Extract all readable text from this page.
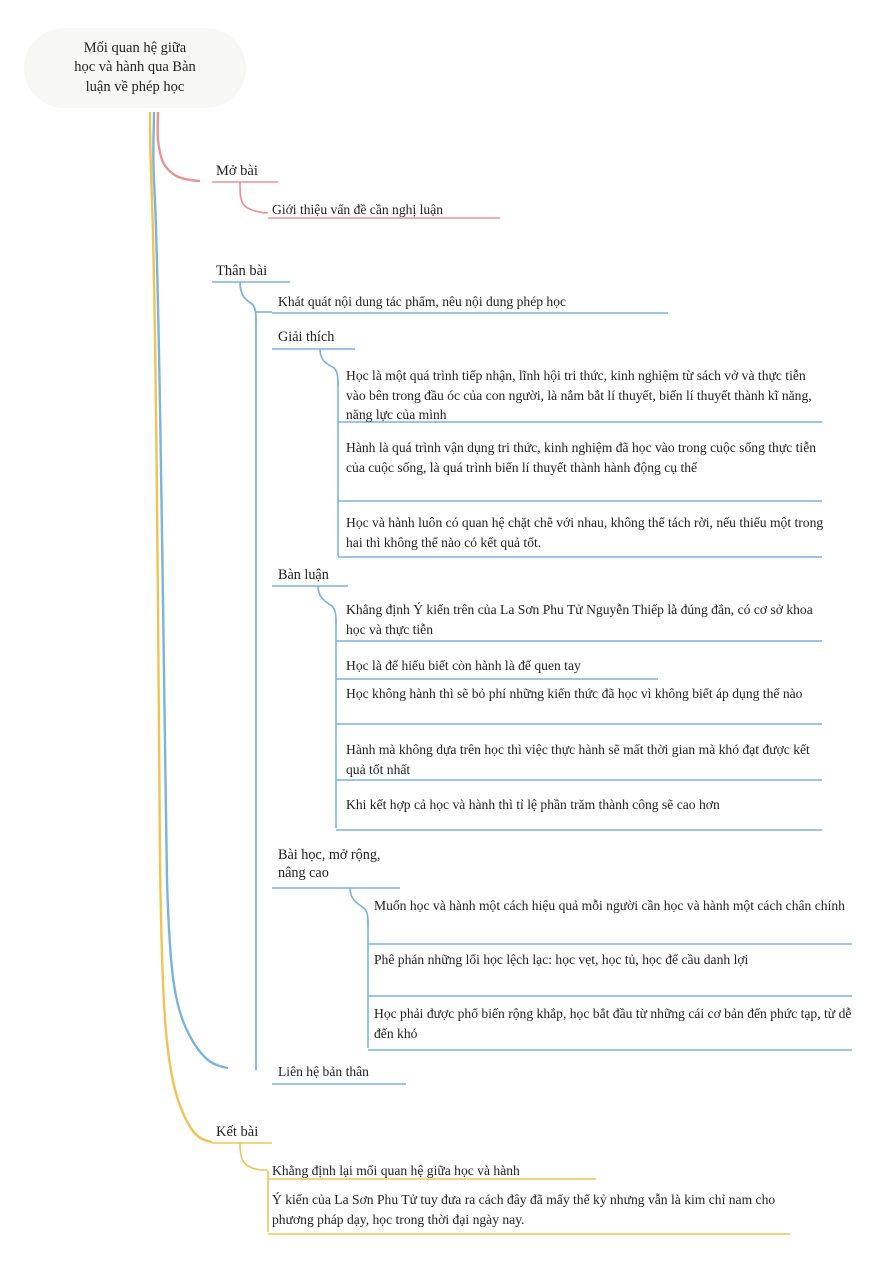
Mối quan hệ giữa
học và hành qua Bàn
luận về phép học
Mở bài
Giới thiệu vấn đề cần nghị luận
Thân bài
Khát quát nội dung tác phẩm, nêu nội dung phép học
Giải thích
Học là một quá trình tiếp nhận, lĩnh hội tri thức, kinh nghiệm từ sách vở và thực tiễn vào bên trong đầu óc của con người, là nắm bắt lí thuyết, biến lí thuyết thành kĩ năng, năng lực của mình
Hành là quá trình vận dụng tri thức, kinh nghiệm đã học vào trong cuộc sống thực tiễn của cuộc sống, là quá trình biến lí thuyết thành hành động cụ thể
Học và hành luôn có quan hệ chặt chẽ với nhau, không thể tách rời, nếu thiếu một trong hai thì không thể nào có kết quả tốt.
Bàn luận
Khẳng định Ý kiến trên của La Sơn Phu Tử Nguyễn Thiếp là đúng đắn, có cơ sở khoa học và thực tiễn
Học là để hiểu biết còn hành là để quen tay
Học không hành thì sẽ bỏ phí những kiến thức đã học vì không biết áp dụng thế nào
Hành mà không dựa trên học thì việc thực hành sẽ mất thời gian mà khó đạt được kết quả tốt nhất
Khi kết hợp cả học và hành thì tỉ lệ phần trăm thành công sẽ cao hơn
Bài học, mở rộng, nâng cao
Muốn học và hành một cách hiệu quả mỗi người cần học và hành một cách chân chính
Phê phán những lối học lệch lạc: học vẹt, học tủ, học để cầu danh lợi
Học phải được phổ biến rộng khắp, học bắt đầu từ những cái cơ bản đến phức tạp, từ dễ đến khó
Liên hệ bản thân
Kết bài
Khẳng định lại mối quan hệ giữa học và hành
Ý kiến của La Sơn Phu Tử tuy đưa ra cách đây đã mấy thế kỷ nhưng vẫn là kim chỉ nam cho phương pháp dạy, học trong thời đại ngày nay.
